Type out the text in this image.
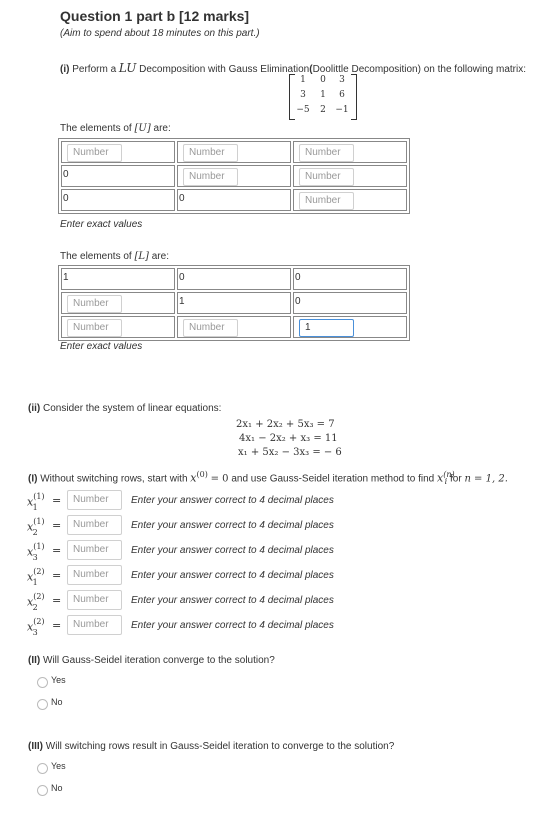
Question 1 part b [12 marks]
(Aim to spend about 18 minutes on this part.)
(i) Perform a LU Decomposition with Gauss Elimination(Doolittle Decomposition) on the following matrix:
1	0	3
3	1	6
−5	2	−1
The elements of [U] are:
Number	Number	Number

0	Number	Number

0	0	Number
Enter exact values
The elements of [L] are:
1	0	0

Number	1	0

Number	Number	1
Enter exact values
(ii) Consider the system of linear equations:
2x₁ + 2x₂ + 5x₃ = 7
4x₁ − 2x₂ + x₃ = 11
x₁ + 5x₂ − 3x₃ = − 6
(I) Without switching rows, start with $x^{(0)} = 0$ and use Gauss-Seidel iteration method to find $x^{(n)}_i$ for n = 1, 2.
$x^{(1)}_1$
=	Number	Enter your answer correct to 4 decimal places
$x^{(1)}_2$
=	Number	Enter your answer correct to 4 decimal places
$x^{(1)}_3$
=	Number	Enter your answer correct to 4 decimal places
$x^{(2)}_1$
=	Number	Enter your answer correct to 4 decimal places
$x^{(2)}_2$
=	Number	Enter your answer correct to 4 decimal places
$x^{(2)}_3$
=	Number	Enter your answer correct to 4 decimal places
(II) Will Gauss-Seidel iteration converge to the solution?
Yes
No
(III) Will switching rows result in Gauss-Seidel iteration to converge to the solution?
Yes
No
